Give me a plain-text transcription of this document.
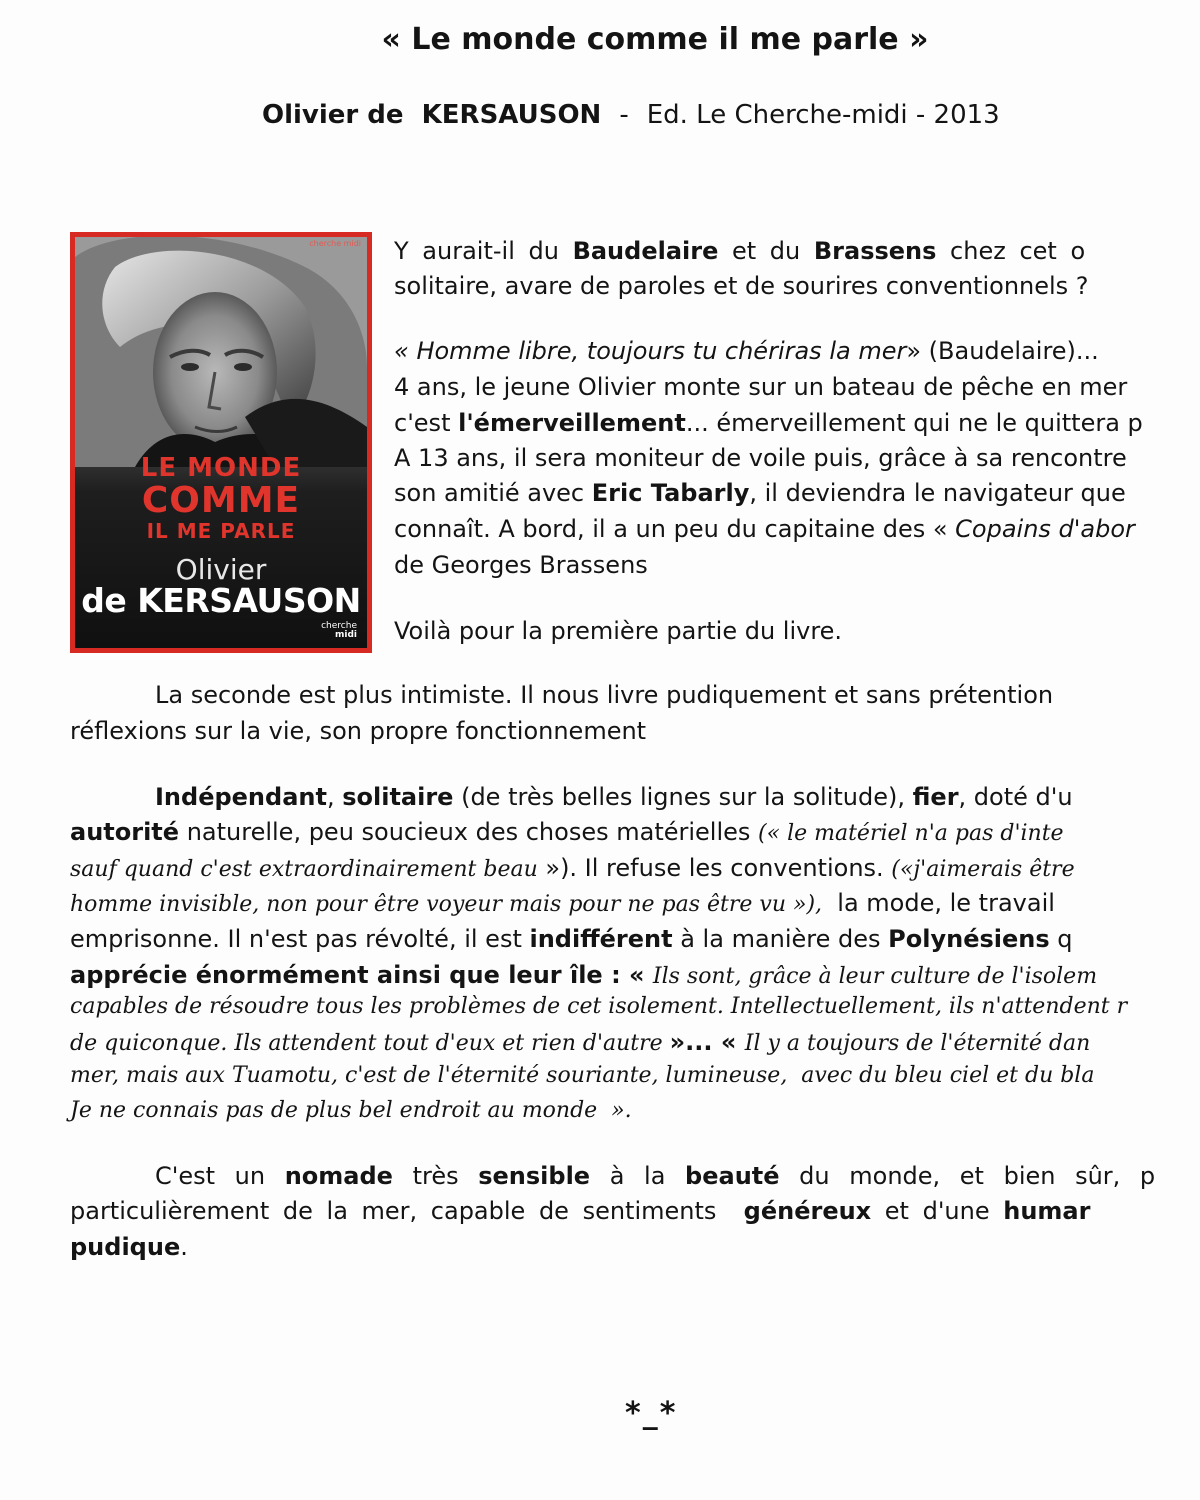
« Le monde comme il me parle »
Olivier de  KERSAUSON - Ed. Le Cherche-midi - 2013
cherche midi
LE MONDE
COMME
IL ME PARLE
Olivier
de KERSAUSON
cherche
midi
Y aurait-il du Baudelaire et du Brassens chez cet o
solitaire, avare de paroles et de sourires conventionnels ?
« Homme libre, toujours tu chériras la mer» (Baudelaire)...
4 ans, le jeune Olivier monte sur un bateau de pêche en mer
c'est l'émerveillement... émerveillement qui ne le quittera p
A 13 ans, il sera moniteur de voile puis, grâce à sa rencontre
son amitié avec Eric Tabarly, il deviendra le navigateur que
connaît. A bord, il a un peu du capitaine des « Copains d'abor
de Georges Brassens
Voilà pour la première partie du livre.
La seconde est plus intimiste. Il nous livre pudiquement et sans prétention
réflexions sur la vie, son propre fonctionnement
Indépendant, solitaire (de très belles lignes sur la solitude), fier, doté d'u
autorité naturelle, peu soucieux des choses matérielles (« le matériel n'a pas d'inte
sauf quand c'est extraordinairement beau »). Il refuse les conventions. («j'aimerais être
homme invisible, non pour être voyeur mais pour ne pas être vu »),  la mode, le travail
emprisonne. Il n'est pas révolté, il est indifférent à la manière des Polynésiens q
apprécie énormément ainsi que leur île : « Ils sont, grâce à leur culture de l'isolem
capables de résoudre tous les problèmes de cet isolement. Intellectuellement, ils n'attendent r
de quiconque. Ils attendent tout d'eux et rien d'autre »... « Il y a toujours de l'éternité dan
mer, mais aux Tuamotu, c'est de l'éternité souriante, lumineuse,  avec du bleu ciel et du bla
Je ne connais pas de plus bel endroit au monde  ».
C'est un nomade très sensible à la beauté du monde, et bien sûr, p
particulièrement de la mer, capable de sentiments  généreux et d'une humar
pudique.
*_*
